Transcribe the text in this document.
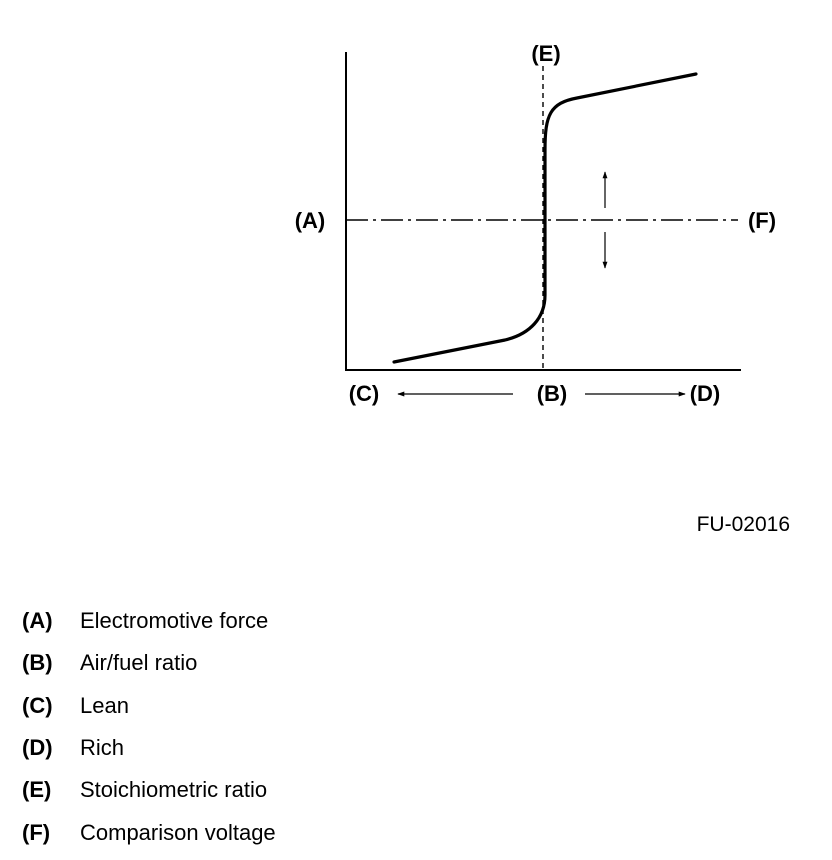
(E)
(A)	(F)
(C)	(B)	(D)
FU-02016
(A)	Electromotive force
(B)	Air/fuel ratio
(C)	Lean
(D)	Rich
(E)	Stoichiometric ratio
(F)	Comparison voltage
